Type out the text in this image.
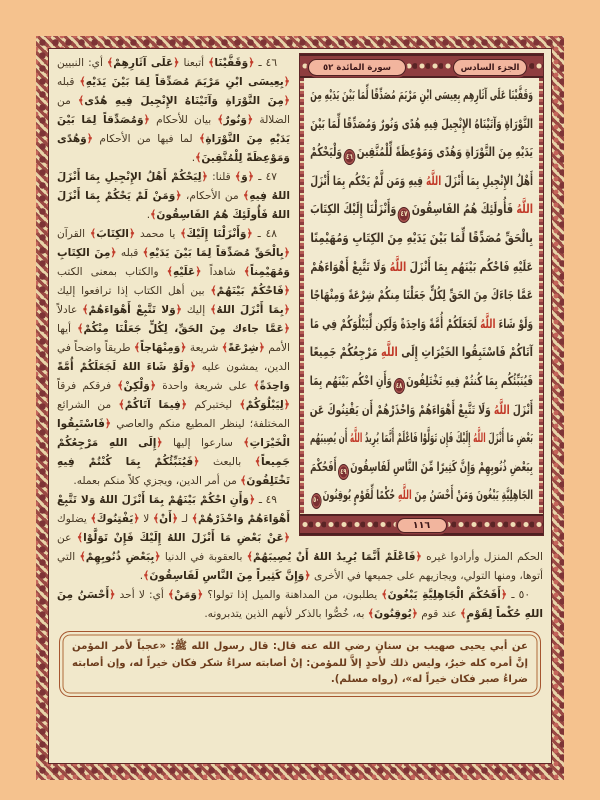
سورة المائدة ٥٢	الجزء السادس
وَقَفَّيْنَا عَلَى آثَارِهِم بِعِيسَى ابْنِ مَرْيَمَ مُصَدِّقًا لِّمَا بَيْنَ يَدَيْهِ مِنَ
التَّوْرَاةِ وَآتَيْنَاهُ الإِنْجِيلَ فِيهِ هُدًى وَنُورٌ وَمُصَدِّقًا لِّمَا بَيْنَ
يَدَيْهِ مِنَ التَّوْرَاةِ وَهُدًى وَمَوْعِظَةً لِّلْمُتَّقِينَ٤٦وَلْيَحْكُمْ
أَهْلُ الإِنْجِيلِ بِمَا أَنْزَلَ اللَّهُ فِيهِ وَمَن لَّمْ يَحْكُم بِمَا أَنْزَلَ
اللَّهُ فَأُولَئِكَ هُمُ الفَاسِقُونَ٤٧وَأَنْزَلْنَا إِلَيْكَ الكِتَابَ
بِالْحَقِّ مُصَدِّقًا لِّمَا بَيْنَ يَدَيْهِ مِنَ الكِتَابِ وَمُهَيْمِنًا
عَلَيْهِ فَاحْكُم بَيْنَهُم بِمَا أَنْزَلَ اللَّهُ وَلَا تَتَّبِعْ أَهْوَاءَهُمْ
عَمَّا جَاءَكَ مِنَ الحَقِّ لِكُلٍّ جَعَلْنَا مِنكُمْ شِرْعَةً وَمِنْهَاجًا
وَلَوْ شَاءَ اللَّهُ لَجَعَلَكُمْ أُمَّةً وَاحِدَةً وَلَكِن لِّيَبْلُوَكُمْ فِي مَا
آتَاكُمْ فَاسْتَبِقُوا الخَيْرَاتِ إِلَى اللَّهِ مَرْجِعُكُمْ جَمِيعًا
فَيُنَبِّئُكُم بِمَا كُنتُمْ فِيهِ تَخْتَلِفُونَ٤٨وَأَنِ احْكُم بَيْنَهُم بِمَا
أَنْزَلَ اللَّهُ وَلَا تَتَّبِعْ أَهْوَاءَهُمْ وَاحْذَرْهُمْ أَن يَفْتِنُوكَ عَن
بَعْضِ مَا أَنْزَلَ اللَّهُ إِلَيْكَ فَإِن تَوَلَّوْا فَاعْلَمْ أَنَّمَا يُرِيدُ اللَّهُ أَن يُصِيبَهُم
بِبَعْضِ ذُنُوبِهِمْ وَإِنَّ كَثِيرًا مِّنَ النَّاسِ لَفَاسِقُونَ٤٩أَفَحُكْمَ
الجَاهِلِيَّةِ يَبْغُونَ وَمَنْ أَحْسَنُ مِنَ اللَّهِ حُكْمًا لِّقَوْمٍ يُوقِنُونَ٥٠
١١٦

٤٦ ـ ﴿وَقَفَّيْنَا﴾ أتبعنا ﴿عَلَى آثَارِهِمْ﴾ أي: النبيين ﴿بِعِيسَى ابْنِ مَرْيَمَ مُصَدِّقاً لِمَا بَيْنَ يَدَيْهِ﴾ قبله ﴿مِنَ التَّوْرَاةِ وَآتَيْنَاهُ الإِنْجِيلَ فِيهِ هُدًى﴾ من الضلالة ﴿وَنُورٌ﴾ بيان للأحكام ﴿وَمُصَدِّقاً لِمَا بَيْنَ يَدَيْهِ مِنَ التَّوْرَاةِ﴾ لما فيها من الأحكام ﴿وَهُدًى وَمَوْعِظَةً لِلْمُتَّقِينَ﴾.

٤٧ ـ ﴿وَ﴾ قلنا: ﴿لِيَحْكُمْ أَهْلُ الإِنْجِيلِ بِمَا أَنْزَلَ اللهُ فِيهِ﴾ من الأحكام، ﴿وَمَنْ لَمْ يَحْكُمْ بِمَا أَنْزَلَ اللهُ فَأُولَئِكَ هُمُ الفَاسِقُونَ﴾.

٤٨ ـ ﴿وَأَنْزَلْنَا إِلَيْكَ﴾ يا محمد ﴿الكِتَابَ﴾ القرآن ﴿بِالْحَقِّ مُصَدِّقاً لِمَا بَيْنَ يَدَيْهِ﴾ قبله ﴿مِنَ الكِتَابِ وَمُهَيْمِناً﴾ شاهداً ﴿عَلَيْهِ﴾ والكتاب بمعنى الكتب ﴿فَاحْكُمْ بَيْنَهُمْ﴾ بين أهل الكتاب إذا ترافعوا إليك ﴿بِمَا أَنْزَلَ اللهُ﴾ إليك ﴿وَلا تَتَّبِعْ أَهْوَاءَهُمْ﴾ عادلاً ﴿عَمَّا جاءك مِنَ الحَقِّ، لِكُلٍّ جَعَلْنَا مِنْكُمْ﴾ أيها الأمم ﴿شِرْعَةً﴾ شريعة ﴿وَمِنْهَاجاً﴾ طريقاً واضحاً في الدين، يمشون عليه ﴿وَلَوْ شَاءَ اللهُ لَجَعَلَكُمْ أُمَّةً وَاحِدَةً﴾ على شريعة واحدة ﴿وَلْكِنْ﴾ فرقكم فرقاً ﴿لِيَبْلُوَكُمْ﴾ ليختبركم ﴿فِيمَا آتَاكُمْ﴾ من الشرائع المختلفة؛ لينظر المطيع منكم والعاصي ﴿فَاسْتَبِقُوا الْخَيْرَاتِ﴾ سارعوا إليها ﴿إِلَى اللهِ مَرْجِعُكُمْ جَمِيعاً﴾ بالبعث ﴿فَيُنَبِّئُكُمْ بِمَا كُنْتُمْ فِيهِ تَخْتَلِفُونَ﴾ من أمر الدين، ويجزي كلاً منكم بعمله.

٤٩ ـ ﴿وَأَنِ احْكُمْ بَيْنَهُمْ بِمَا أَنْزَلَ اللهُ وَلا تَتَّبِعْ أَهْوَاءَهُمْ وَاحْذَرْهُمْ﴾ لـ ﴿أَنْ﴾ لا ﴿يَفْتِنُوكَ﴾ يضلوك ﴿عَنْ بَعْضِ مَا أَنْزَلَ اللهُ إِلَيْكَ فَإِنْ تَوَلَّوْا﴾ عن الحكم المنزل وأرادوا غيره ﴿فَاعْلَمْ أَنَّمَا يُرِيدُ اللهُ أَنْ يُصِيبَهُمْ﴾ بالعقوبة في الدنيا ﴿بِبَعْضِ ذُنُوبِهِمْ﴾ التي أتوها، ومنها التولي، ويجازيهم على جميعها في الأخرى ﴿وَإِنَّ كَثِيراً مِنَ النَّاسِ لَفَاسِقُونَ﴾.

٥٠ ـ ﴿أَفَحُكْمَ الْجَاهِلِيَّةِ يَبْغُونَ﴾ يطلبون، من المداهنة والميل إذا تولوا؟ ﴿وَمَنْ﴾ أي: لا أحد ﴿أَحْسَنُ مِنَ اللهِ حُكْماً لِقَوْمٍ﴾ عند قوم ﴿يُوقِنُونَ﴾ به، خُصُّوا بالذكر لأنهم الذين يتدبرونه.

عن أبي يحيى صهيب بن سنانٍ رضي الله عنه قال: قال رسول الله ﷺ: «عجباً لأمر المؤمن إنَّ أمره كله خيرٌ، وليس ذلك لأحدٍ إلاَّ للمؤمن: إنْ أصابته سراءُ شكر فكان خيراً له، وإن أصابته ضراءُ صبر فكان خيراً له»، (رواه مسلم).
